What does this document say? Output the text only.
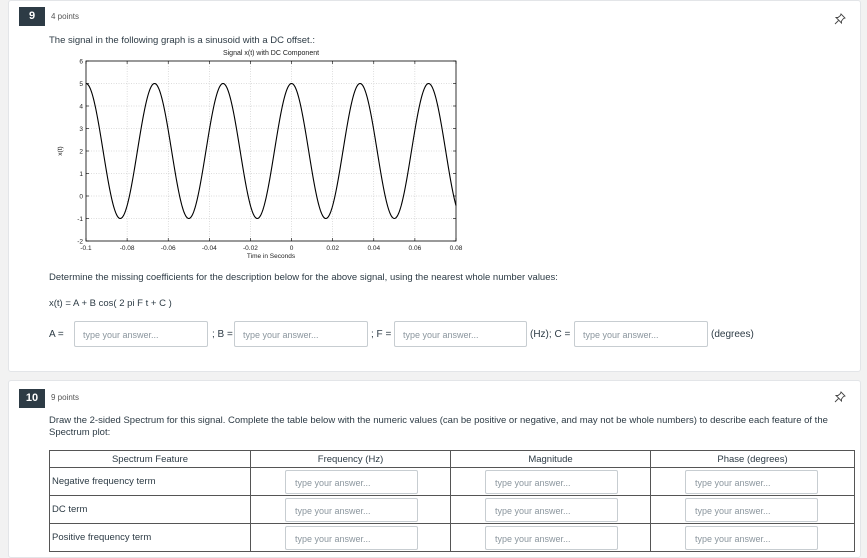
9	4 points
The signal in the following graph is a sinusoid with a DC offset.:
Signal x(t) with DC Component
-0.1	-0.08	-0.06	-0.04	-0.02	0	0.02	0.04	0.06	0.08
-2
-1
0
1
2
3
4
5
6
Time in Seconds
x(t)
Determine the missing coefficients for the description below for the above signal, using the nearest whole number values:
x(t) = A + B cos( 2 pi F t + C )
A =	type your answer...	; B =	type your answer...	; F =	type your answer...	(Hz); C =	type your answer...	(degrees)
10	9 points
Draw the 2-sided Spectrum for this signal. Complete the table below with the numeric values (can be positive or negative, and may not be whole numbers) to describe each feature of the Spectrum plot:
Spectrum Feature	Frequency (Hz)	Magnitude	Phase (degrees)
Negative frequency term	type your answer...	type your answer...	type your answer...

DC term	type your answer...	type your answer...	type your answer...

Positive frequency term	type your answer...	type your answer...	type your answer...
